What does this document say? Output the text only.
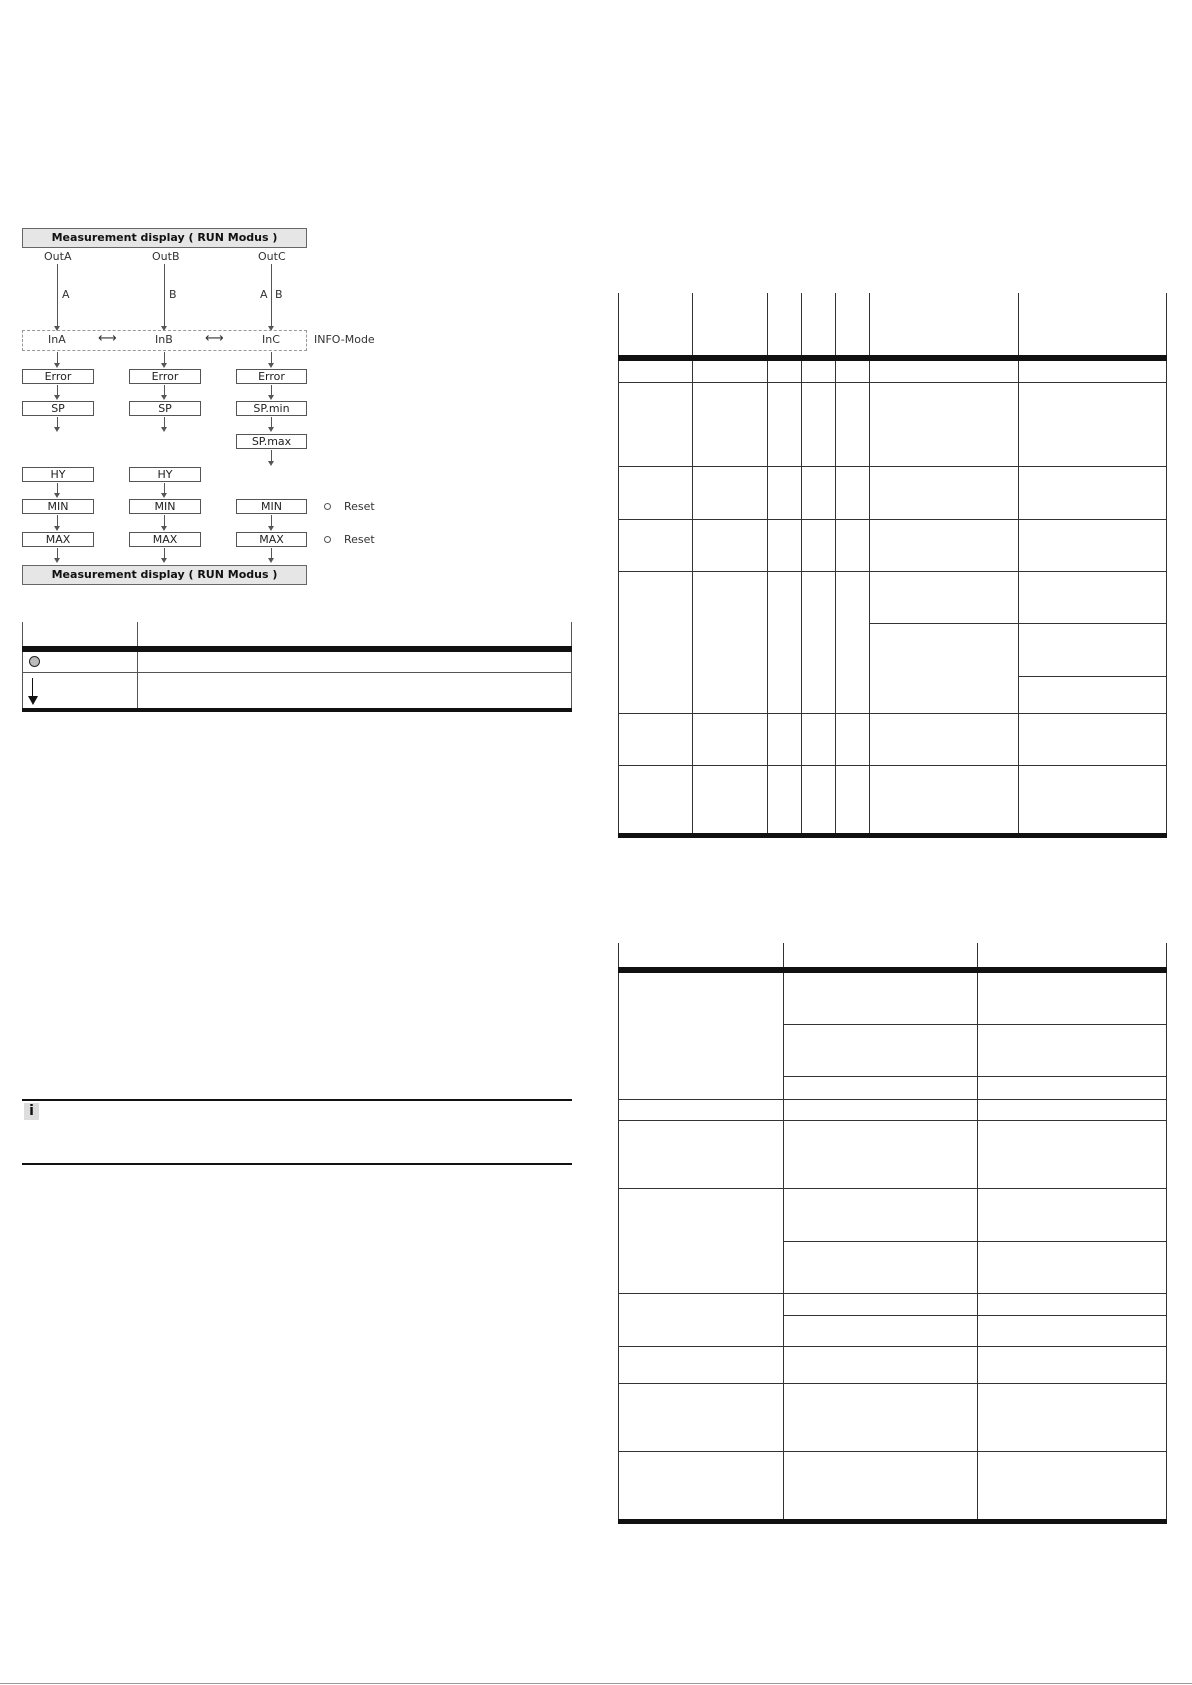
Measurement display ( RUN Modus )
OutA	OutB	OutC
A	B	A B
InA ⟷	InB ⟷	InC	INFO-Mode
Error
SP
HY
MIN
MAX
Error
SP
HY
MIN
MAX
Error
SP.min
SP.max
MIN
MAX
Reset
Reset
Measurement display ( RUN Modus )
i
